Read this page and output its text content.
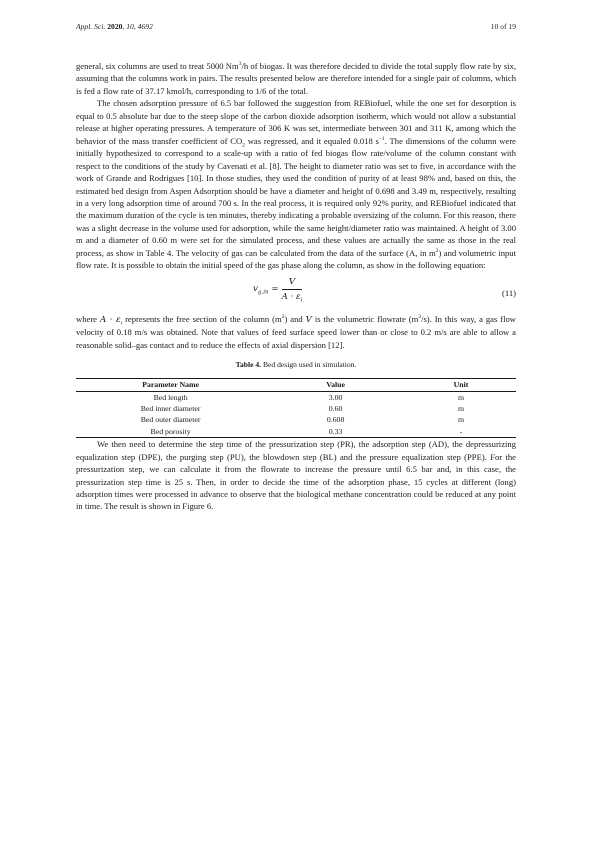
Appl. Sci. 2020, 10, 4692	10 of 19

general, six columns are used to treat 5000 Nm$^3$/h of biogas. It was therefore decided to divide the total supply flow rate by six, assuming that the columns work in pairs. The results presented below are therefore intended for a single pair of columns, which is fed a flow rate of 37.17 kmol/h, corresponding to 1/6 of the total.

The chosen adsorption pressure of 6.5 bar followed the suggestion from REBiofuel, while the one set for desorption is equal to 0.5 absolute bar due to the steep slope of the carbon dioxide adsorption isotherm, which would not allow a substantial release at higher operating pressures. A temperature of 306 K was set, intermediate between 301 and 311 K, among which the behavior of the mass transfer coefficient of $CO_2$ was regressed, and it equaled 0.018 $s^{-1}$. The dimensions of the column were initially hypothesized to correspond to a scale-up with a ratio of fed biogas flow rate/volume of the column constant with respect to the conditions of the study by Cavenati et al. [8]. The height to diameter ratio was set to five, in accordance with the work of Grande and Rodrigues [10]. In those studies, they used the condition of purity of at least 98% and, based on this, the estimated bed design from Aspen Adsorption should be have a diameter and height of 0.698 and 3.49 m, respectively, resulting in a very long adsorption time of around 700 s. In the real process, it is required only 92% purity, and REBiofuel indicated that the maximum duration of the cycle is ten minutes, thereby indicating a probable oversizing of the column. For this reason, there was a slight decrease in the volume used for adsorption, while the same height/diameter ratio was maintained. A height of 3.00 m and a diameter of 0.60 m were set for the simulated process, and these values are actually the same as those in the real process, as show in Table 4. The velocity of gas can be calculated from the data of the surface (A, in $m^2$) and volumetric input flow rate. It is possible to obtain the initial speed of the gas phase along the column, as show in the following equation:

$v_{g,in} = \frac{V}{A \cdot \varepsilon_i}$	(11)

where $A \cdot \varepsilon_i$ represents the free section of the column $(m^2)$ and V is the volumetric flowrate $(m^3/s)$. In this way, a gas flow velocity of 0.18 m/s was obtained. Note that values of feed surface speed lower than or close to 0.2 m/s are able to allow a reasonable solid–gas contact and to reduce the effects of axial dispersion [12].

Table 4. Bed design used in simulation.
Parameter Name	Value	Unit
Bed length	3.00	m
Bed inner diameter	0.60	m
Bed outer diameter	0.608	m
Bed porosity	0.33	-

We then need to determine the step time of the pressurization step (PR), the adsorption step (AD), the depressurizing equalization step (DPE), the purging step (PU), the blowdown step (BL) and the pressure equalization step (PPE). For the pressurization step, we can calculate it from the flowrate to increase the pressure until 6.5 bar and, in this case, the pressurization step time is 25 s. Then, in order to decide the time of the adsorption phase, 15 cycles at different (long) adsorption times were processed in advance to observe that the biological methane concentration could be reduced at any point in time. The result is shown in Figure 6.
